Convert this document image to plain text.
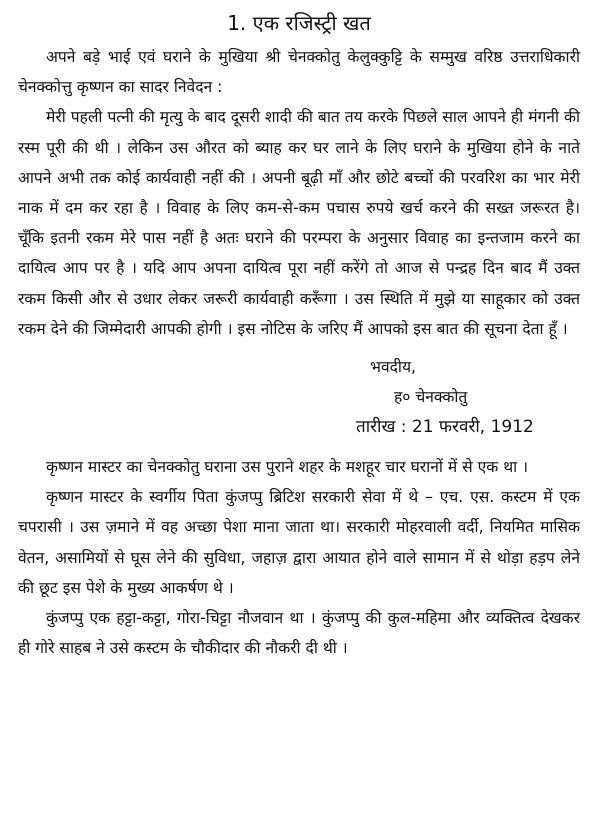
1. एक रजिस्ट्री खत

अपने बड़े भाई एवं घराने के मुखिया श्री चेनक्कोतु केलुक्कुट्टि के सम्मुख वरिष्ठ उत्तराधिकारी चेनक्कोत्तु कृष्णन का सादर निवेदन :

मेरी पहली पत्नी की मृत्यु के बाद दूसरी शादी की बात तय करके पिछले साल आपने ही मंगनी की रस्म पूरी की थी । लेकिन उस औरत को ब्याह कर घर लाने के लिए घराने के मुखिया होने के नाते आपने अभी तक कोई कार्यवाही नहीं की । अपनी बूढ़ी माँ और छोटे बच्चों की परवरिश का भार मेरी नाक में दम कर रहा है । विवाह के लिए कम-से-कम पचास रुपये खर्च करने की सख्त जरूरत है। चूँकि इतनी रकम मेरे पास नहीं है अतः घराने की परम्परा के अनुसार विवाह का इन्तजाम करने का दायित्व आप पर है । यदि आप अपना दायित्व पूरा नहीं करेंगे तो आज से पन्द्रह दिन बाद मैं उक्त रकम किसी और से उधार लेकर जरूरी कार्यवाही करूँगा । उस स्थिति में मुझे या साहूकार को उक्त रकम देने की जिम्मेदारी आपकी होगी । इस नोटिस के जरिए मैं आपको इस बात की सूचना देता हूँ ।

भवदीय,
ह० चेनक्कोतु
तारीख : 21 फरवरी, 1912

कृष्णन मास्टर का चेनक्कोतु घराना उस पुराने शहर के मशहूर चार घरानों में से एक था ।

कृष्णन मास्टर के स्वर्गीय पिता कुंजप्पु ब्रिटिश सरकारी सेवा में थे – एच. एस. कस्टम में एक चपरासी । उस ज़माने में वह अच्छा पेशा माना जाता था। सरकारी मोहरवाली वर्दी, नियमित मासिक वेतन, असामियों से घूस लेने की सुविधा, जहाज़ द्वारा आयात होने वाले सामान में से थोड़ा हड़प लेने की छूट इस पेशे के मुख्य आकर्षण थे ।

कुंजप्पु एक हट्टा-कट्टा, गोरा-चिट्टा नौजवान था । कुंजप्पु की कुल-महिमा और व्यक्तित्व देखकर ही गोरे साहब ने उसे कस्टम के चौकीदार की नौकरी दी थी ।
